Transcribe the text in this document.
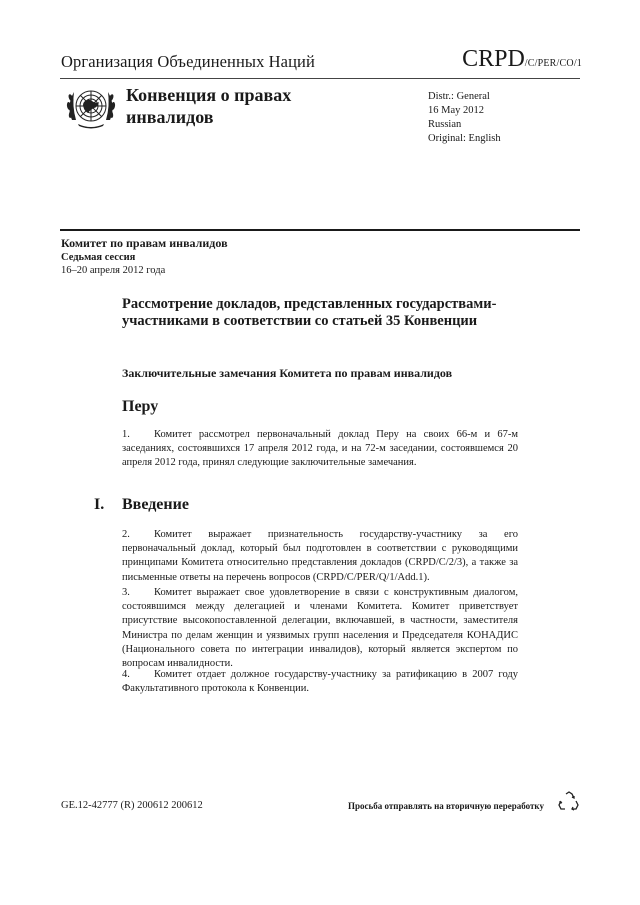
Организация Объединенных Наций	CRPD/C/PER/CO/1
Конвенция о правах инвалидов
Distr.: General
16 May 2012
Russian
Original: English
Комитет по правам инвалидов
Седьмая сессия
16–20 апреля 2012 года
Рассмотрение докладов, представленных государствами-участниками в соответствии со статьей 35 Конвенции
Заключительные замечания Комитета по правам инвалидов
Перу
1. Комитет рассмотрел первоначальный доклад Перу на своих 66-м и 67-м заседаниях, состоявшихся 17 апреля 2012 года, и на 72-м заседании, состоявшемся 20 апреля 2012 года, принял следующие заключительные замечания.
I. Введение
2. Комитет выражает признательность государству-участнику за его первоначальный доклад, который был подготовлен в соответствии с руководящими принципами Комитета относительно представления докладов (CRPD/C/2/3), а также за письменные ответы на перечень вопросов (CRPD/C/PER/Q/1/Add.1).
3. Комитет выражает свое удовлетворение в связи с конструктивным диалогом, состоявшимся между делегацией и членами Комитета. Комитет приветствует присутствие высокопоставленной делегации, включавшей, в частности, заместителя Министра по делам женщин и уязвимых групп населения и Председателя КОНАДИС (Национального совета по интеграции инвалидов), который является экспертом по вопросам инвалидности.
4. Комитет отдает должное государству-участнику за ратификацию в 2007 году Факультативного протокола к Конвенции.
GE.12-42777 (R) 200612 200612	Просьба отправлять на вторичную переработку
